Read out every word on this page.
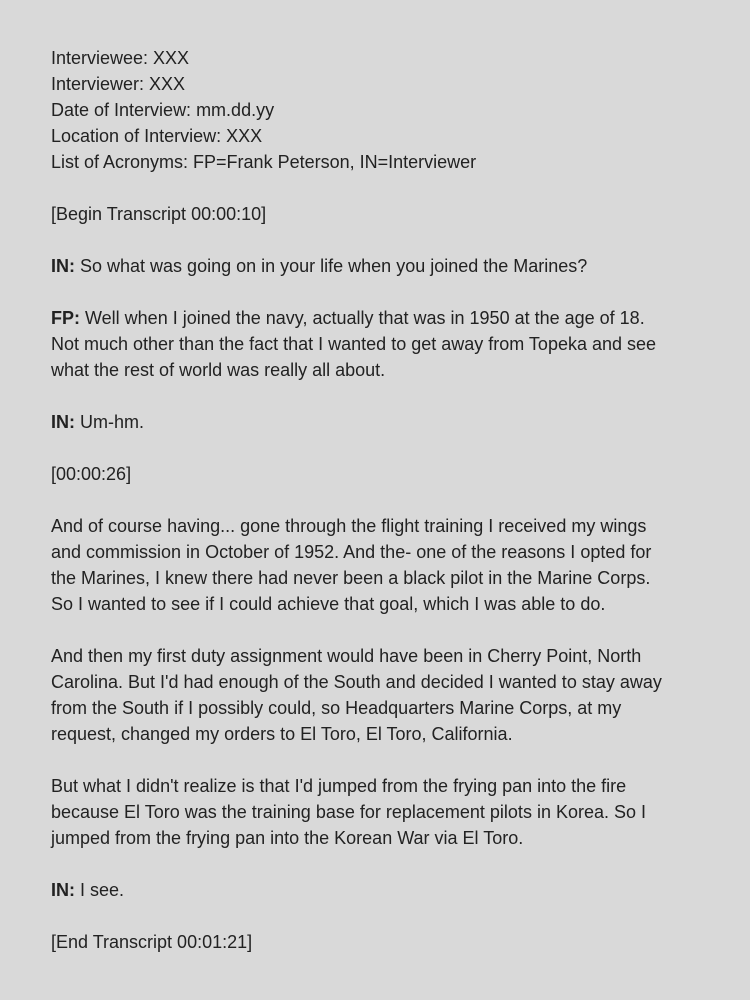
Interviewee: XXX
Interviewer: XXX
Date of Interview: mm.dd.yy
Location of Interview: XXX
List of Acronyms: FP=Frank Peterson, IN=Interviewer
[Begin Transcript 00:00:10]
IN: So what was going on in your life when you joined the Marines?
FP: Well when I joined the navy, actually that was in 1950 at the age of 18.
Not much other than the fact that I wanted to get away from Topeka and see
what the rest of world was really all about.
IN: Um-hm.
[00:00:26]
And of course having... gone through the flight training I received my wings
and commission in October of 1952. And the- one of the reasons I opted for
the Marines, I knew there had never been a black pilot in the Marine Corps.
So I wanted to see if I could achieve that goal, which I was able to do.
And then my first duty assignment would have been in Cherry Point, North
Carolina. But I'd had enough of the South and decided I wanted to stay away
from the South if I possibly could, so Headquarters Marine Corps, at my
request, changed my orders to El Toro, El Toro, California.
But what I didn't realize is that I'd jumped from the frying pan into the fire
because El Toro was the training base for replacement pilots in Korea. So I
jumped from the frying pan into the Korean War via El Toro.
IN: I see.
[End Transcript 00:01:21]
